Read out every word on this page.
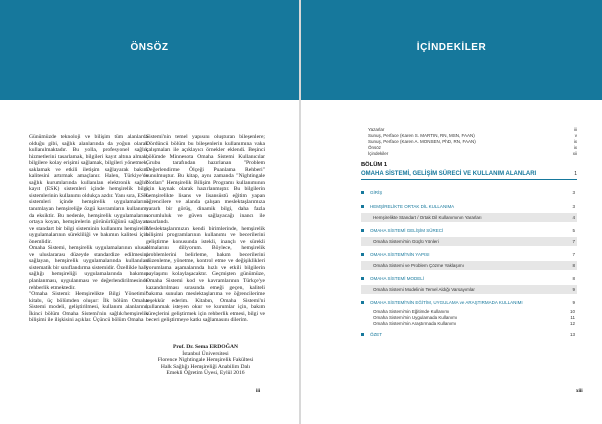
ÖNSÖZ

Günümüzde teknoloji ve bilişim tüm alanlarda olduğu gibi, sağlık alanlarında da yoğun olarak kullanılmaktadır. Bu yolla, profesyonel sağlık hizmetlerini tasarlamak, bilgileri kayıt altına almak, bilgilere kolay erişimi sağlamak, bilgileri yönetmek, saklamak ve etkili iletişim sağlayarak bakım kalitesini artırmak amaçlanır. Halen, Türkiye'de sağlık kurumlarında kullanılan elektronik sağlık kayıt (ESK) sistemleri içinde hemşirelik bilgi sistemlerinin kullanımı oldukça azdır. Yanı sıra, ESK sistemleri içinde hemşirelik uygulamalarını tanımlayan hemşireliğe özgü kavramların kullanımı da eksiktir. Bu nedenle, hemşirelik uygulamalarını ortaya koyan, hemşirelerin görünürlüğünü sağlayan ve standart bir bilgi sisteminin kullanımı hemşirelik uygulamalarının sürekliliği ve bakımın kalitesi için önemlidir.

Omaha Sistemi, hemşirelik uygulamalarının ulusal ve uluslararası düzeyde standardize edilmesini sağlayan, hemşirelik uygulamalarında kullanılan sistematik bir sınıflandırma sistemidir. Özellikle halk sağlığı hemşireliği uygulamalarında bakımın planlanması, uygulanması ve değerlendirilmesinde rehberlik etmektedir.

"Omaha Sistemi: Hemşirelikte Bilgi Yönetimi" kitabı, üç bölümden oluşur: İlk bölüm Omaha Sistemi modeli, geliştirilmesi, kullanım alanlarını; İkinci bölüm Omaha Sistemi'nin sağlık/hemşirelik bilişimi ile ilişkisini açıklar. Üçüncü bölüm Omaha

Sistemi'nin temel yapısını oluşturan bileşenlere; Dördüncü bölüm bu bileşenlerin kullanımına vaka çalışmaları ile açıklayıcı örnekler eklendi. Beşinci bölümde Minnesota Omaha Sistemi Kullanıcılar Grubu tarafından hazırlanan "Problem Değerlendirme Ölçeği Puanlama Rehberi" sunulmuştur. Bu kitap, aynı zamanda "Nightingale Notları" Hemşirelik Bilişim Programı kullanımının için kaynak olarak hazırlanmıştır. Bu bilgilerin hemşirelikte lisans ve lisansüstü eğitim yapan öğrencilere ve alanda çalışan meslektaşlarımıza yararlı bir görüş, dinamik bilgi, daha fazla sorumluluk ve güven sağlayacağı inancı ile tasarlandı.

Meslektaşlarımızın kendi birimlerinde, hemşirelik bilişimi programlarının kullanımı ve becerilerini geliştirme konusunda istekli, inançlı ve sürekli olmalarını diliyorum. Böylece, hemşirelik problemlerini belirleme, bakım becerilerini düzenleme, yönetme, kontrol etme ve değişiklikleri yorumlama aşamalarında hızlı ve etkili bilgilerin paylaşımı kolaylaşacaktır. Geçmişten günümüze, Omaha Sistemi kod ve kavramlarının Türkçe'ye kazandırılması sırasında emeği geçen, kaliteli bakıma sunulan meslektaşlarıma ve öğrencilerime teşekkür ederim. Kitabın, Omaha Sistemi'ni kullanmak isteyen okur ve kurumlar için, bakım süreçlerini geliştirmek için rehberlik etmesi, bilgi ve beceri geliştirmeye katkı sağlamasını dilerim.

Prof. Dr. Sema ERDOĞAN
İstanbul Üniversitesi
Florence Nightingale Hemşirelik Fakültesi
Halk Sağlığı Hemşireliği Anabilim Dalı
Emekli Öğretim Üyesi, Eylül 2016
iii
İÇİNDEKİLER
Yazarlar	iii
Sunuş, Perface (Karen S. MARTIN, RN, MSN, FAAN)	v
Sunuş, Perface (Karen A. MONSEN, PhD, RN, FAAN)	ix
Önsöz	ix
İçindekiler	xii
BÖLÜM 1
OMAHA SİSTEMİ, GELİŞİM SÜRECİ VE KULLANIM ALANLARI	1
GİRİŞ	3
HEMŞİRELİKTE ORTAK DİL KULLANIMA	3
Hemşirelikte Standart / Ortak Dil Kullanımının Yararları	4
OMAHA SİSTEMİ GELİŞİM SÜRECİ	5
Omaha Sistemi'nin Güçlü Yönleri	7
OMAHA SİSTEMİ'NİN YAPISI	7
Omaha Sistemi ve Problem Çözme Yaklaşımı	8
OMAHA SİSTEMİ MODELİ	8
Omaha Sistemi Modelinin Temel Aldığı Varsayımlar	9
OMAHA SİSTEMİ'NİN EĞİTİM, UYGULAMA ve ARAŞTIRMADA KULLANIMI	9
Omaha Sistemi'nin Eğitimde Kullanımı	10
Omaha Sistemi'nin Uygulamada Kullanımı	11
Omaha Sistemi'nin Araştırmada Kullanımı	12
ÖZET	13
xiii
